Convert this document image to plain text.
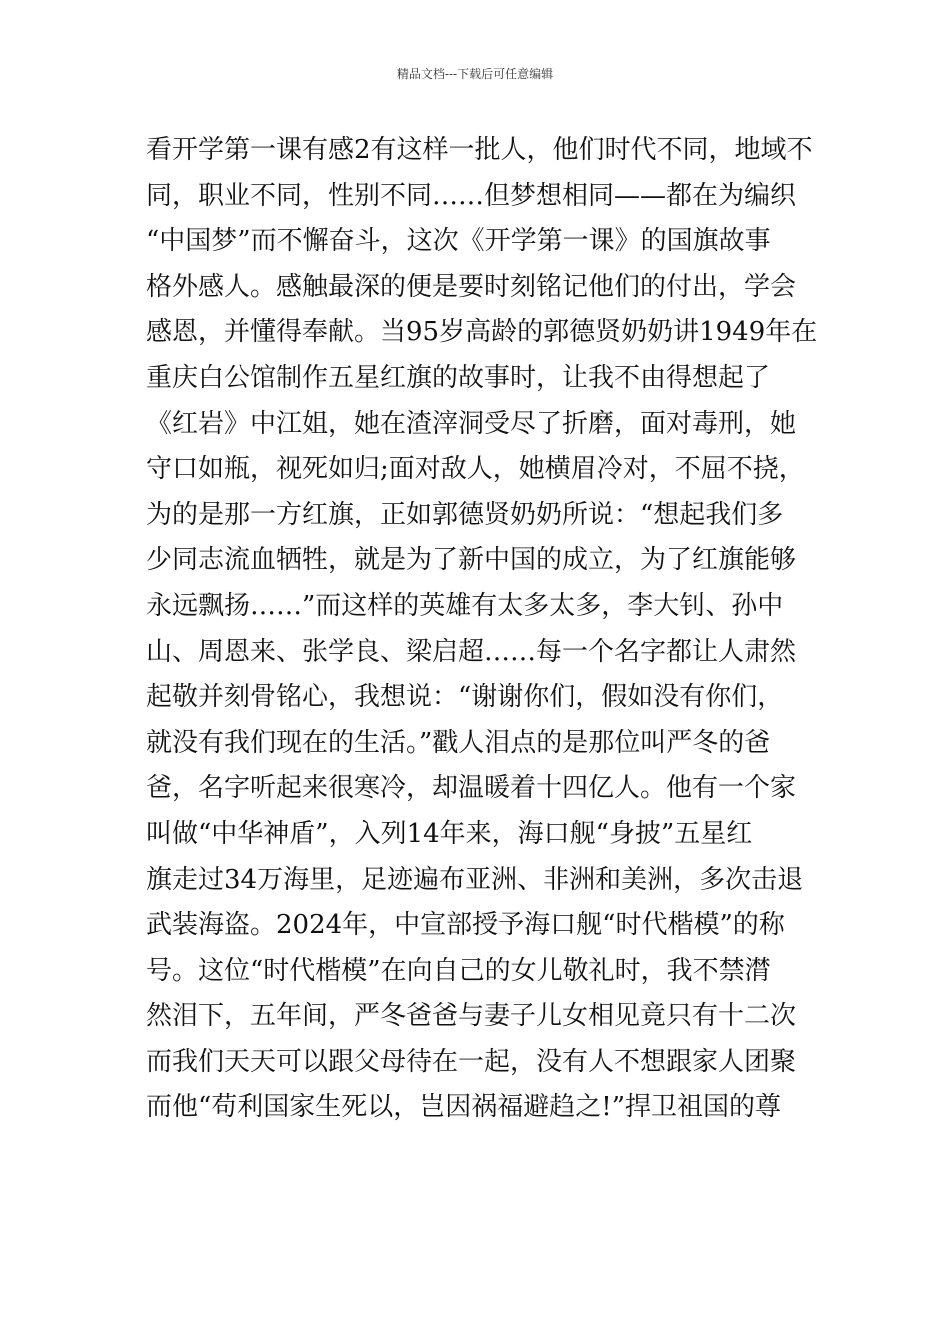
精品文档---下载后可任意编辑
看开学第一课有感2有这样一批人，他们时代不同，地域不
同，职业不同，性别不同……但梦想相同——都在为编织
“中国梦”而不懈奋斗，这次《开学第一课》的国旗故事
格外感人。感触最深的便是要时刻铭记他们的付出，学会
感恩，并懂得奉献。当95岁高龄的郭德贤奶奶讲1949年在
重庆白公馆制作五星红旗的故事时，让我不由得想起了
《红岩》中江姐，她在渣滓洞受尽了折磨，面对毒刑，她
守口如瓶，视死如归;面对敌人，她横眉冷对，不屈不挠，
为的是那一方红旗，正如郭德贤奶奶所说：“想起我们多
少同志流血牺牲，就是为了新中国的成立，为了红旗能够
永远飘扬……”而这样的英雄有太多太多，李大钊、孙中
山、周恩来、张学良、梁启超……每一个名字都让人肃然
起敬并刻骨铭心，我想说：“谢谢你们，假如没有你们，
就没有我们现在的生活。”戳人泪点的是那位叫严冬的爸
爸，名字听起来很寒冷，却温暖着十四亿人。他有一个家
叫做“中华神盾”，入列14年来，海口舰“身披”五星红
旗走过34万海里，足迹遍布亚洲、非洲和美洲，多次击退
武装海盗。2024年，中宣部授予海口舰“时代楷模”的称
号。这位“时代楷模”在向自己的女儿敬礼时，我不禁潸
然泪下，五年间，严冬爸爸与妻子儿女相见竟只有十二次
而我们天天可以跟父母待在一起，没有人不想跟家人团聚
而他“苟利国家生死以，岂因祸福避趋之!”捍卫祖国的尊
